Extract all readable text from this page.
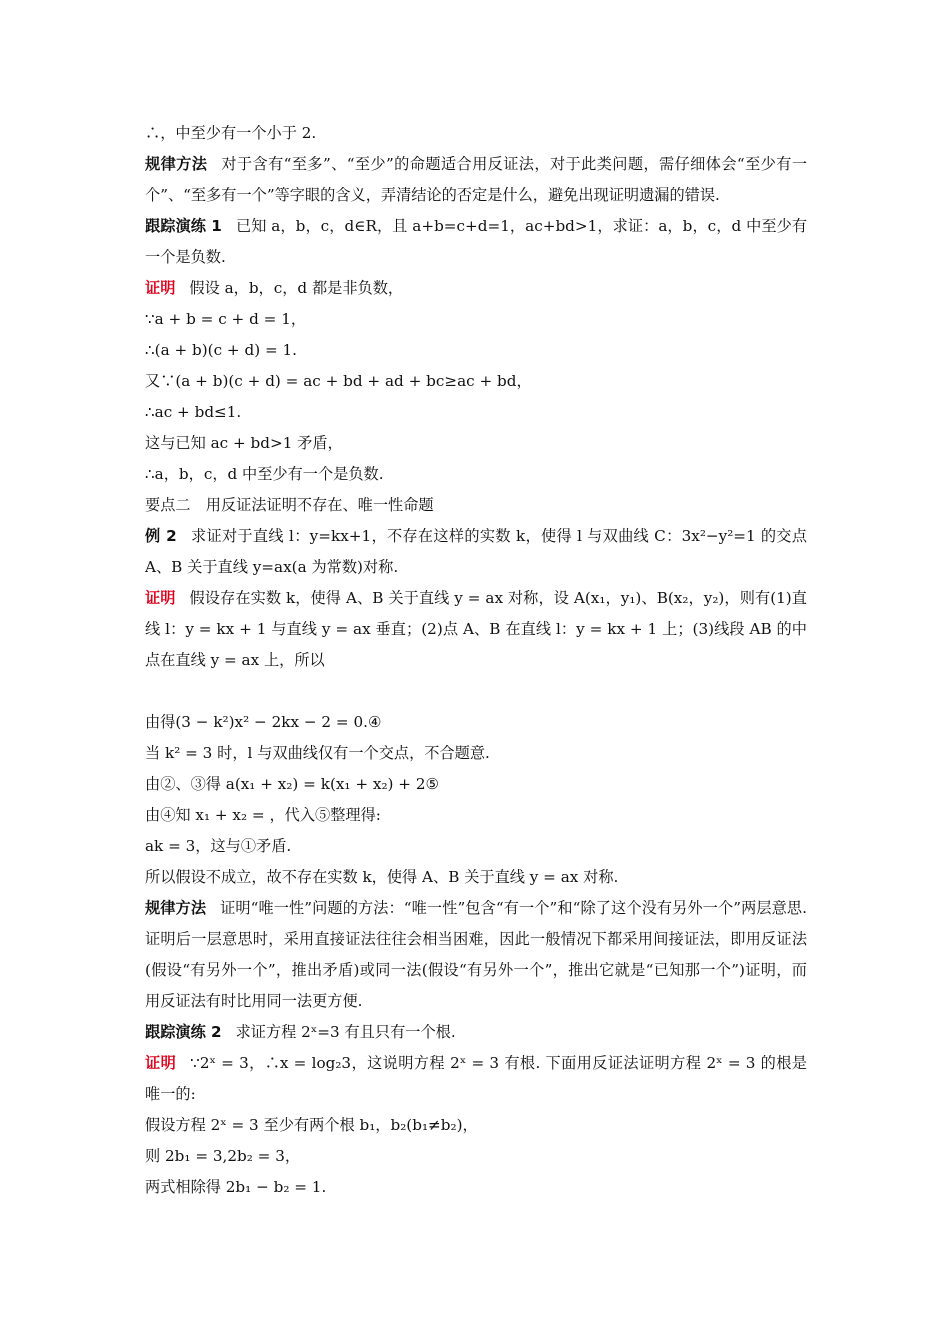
∴，中至少有一个小于 2.
规律方法 对于含有“至多”、“至少”的命题适合用反证法，对于此类问题，需仔细体会“至少有一个”、“至多有一个”等字眼的含义，弄清结论的否定是什么，避免出现证明遗漏的错误.
跟踪演练 1 已知 a，b，c，d∈R，且 a+b=c+d=1，ac+bd>1，求证：a，b，c，d 中至少有一个是负数.
证明 假设 a，b，c，d 都是非负数，
∵a + b = c + d = 1，
∴(a + b)(c + d) = 1.
又∵(a + b)(c + d) = ac + bd + ad + bc≥ac + bd，
∴ac + bd≤1.
这与已知 ac + bd>1 矛盾，
∴a，b，c，d 中至少有一个是负数.
要点二　用反证法证明不存在、唯一性命题
例 2 求证对于直线 l：y=kx+1，不存在这样的实数 k，使得 l 与双曲线 C：3x²−y²=1 的交点 A、B 关于直线 y=ax(a 为常数)对称.
证明 假设存在实数 k，使得 A、B 关于直线 y = ax 对称，设 A(x₁，y₁)、B(x₂，y₂)，则有(1)直线 l：y = kx + 1 与直线 y = ax 垂直；(2)点 A、B 在直线 l：y = kx + 1 上；(3)线段 AB 的中点在直线 y = ax 上，所以
由得(3 − k²)x² − 2kx − 2 = 0.④
当 k² = 3 时，l 与双曲线仅有一个交点，不合题意.
由②、③得 a(x₁ + x₂) = k(x₁ + x₂) + 2⑤
由④知 x₁ + x₂ = ，代入⑤整理得:
ak = 3，这与①矛盾.
所以假设不成立，故不存在实数 k，使得 A、B 关于直线 y = ax 对称.
规律方法 证明“唯一性”问题的方法：“唯一性”包含“有一个”和“除了这个没有另外一个”两层意思. 证明后一层意思时，采用直接证法往往会相当困难，因此一般情况下都采用间接证法，即用反证法(假设“有另外一个”，推出矛盾)或同一法(假设“有另外一个”，推出它就是“已知那一个”)证明，而用反证法有时比用同一法更方便.
跟踪演练 2 求证方程 2ˣ=3 有且只有一个根.
证明 ∵2ˣ = 3，∴x = log₂3，这说明方程 2ˣ = 3 有根. 下面用反证法证明方程 2ˣ = 3 的根是唯一的:
假设方程 2ˣ = 3 至少有两个根 b₁，b₂(b₁≠b₂)，
则 2b₁ = 3,2b₂ = 3，
两式相除得 2b₁ − b₂ = 1.
